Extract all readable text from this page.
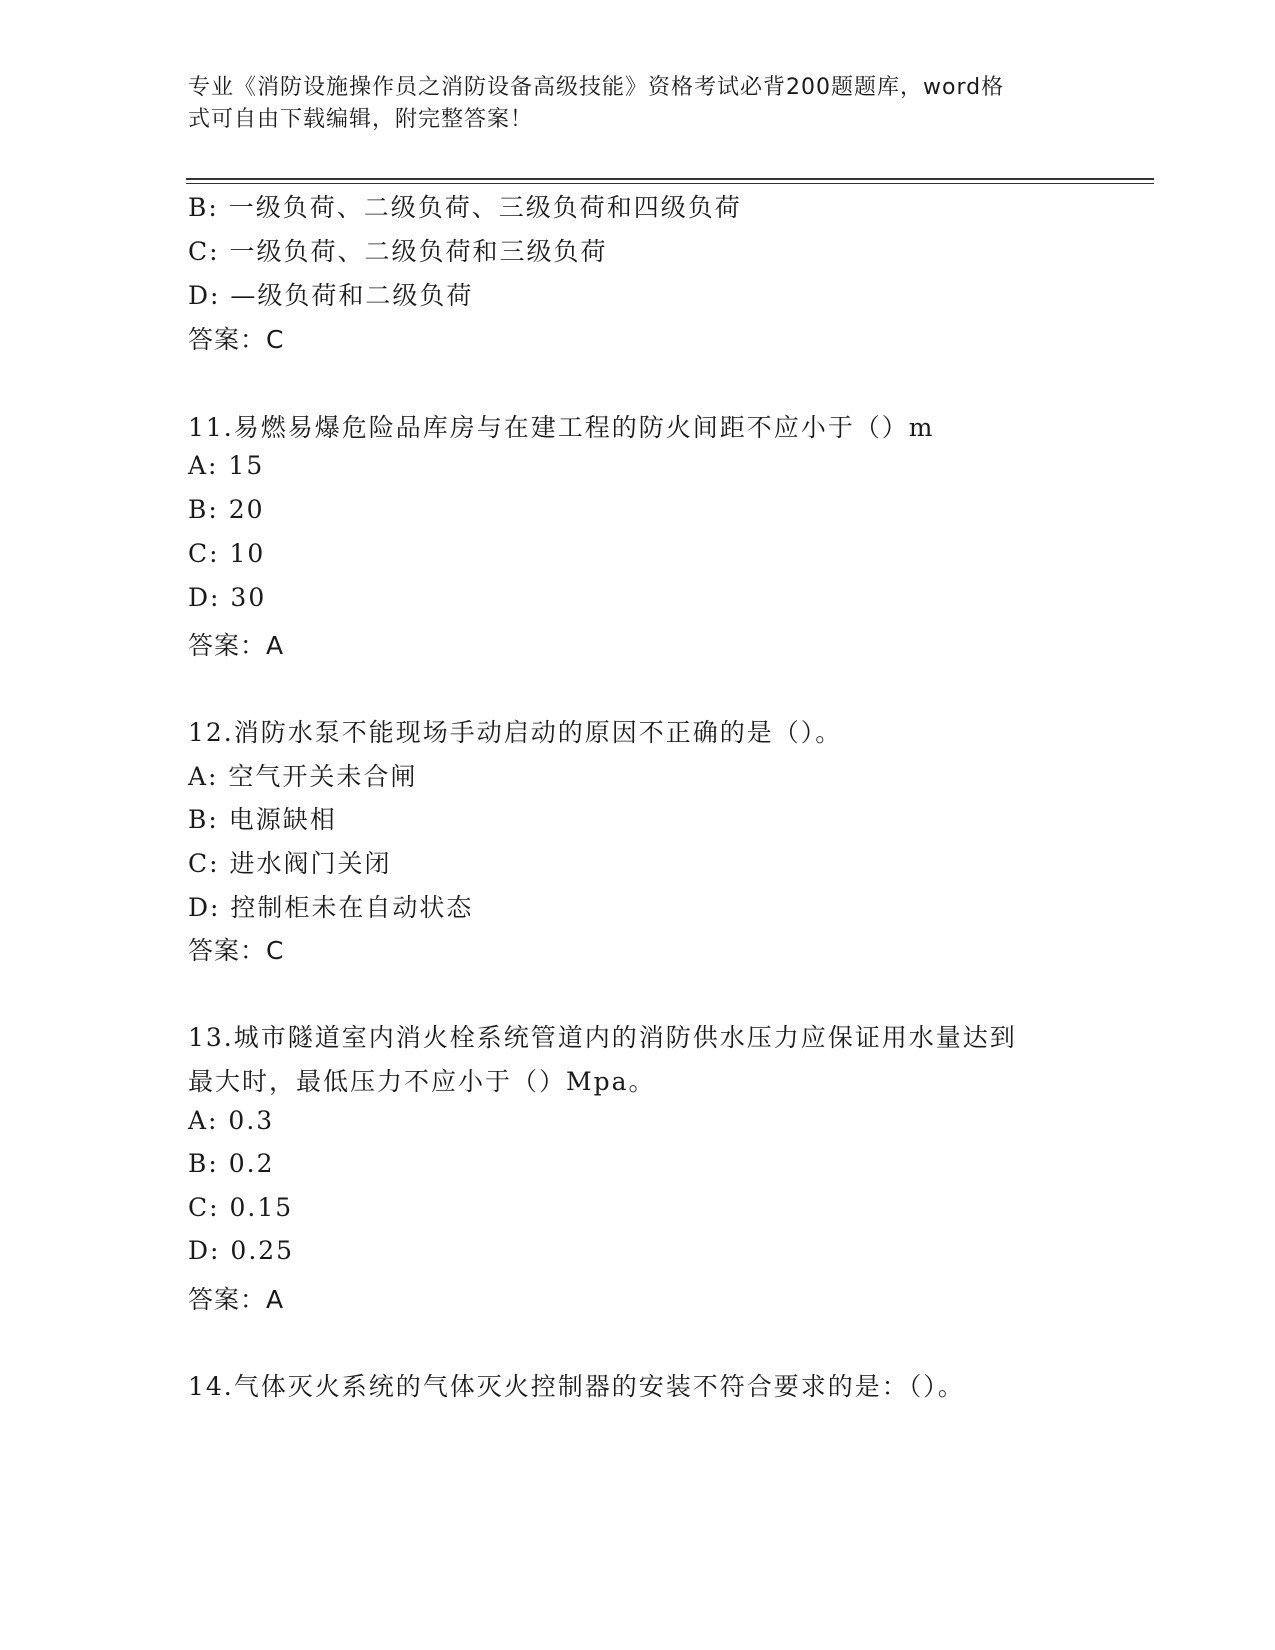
专业《消防设施操作员之消防设备高级技能》资格考试必背200题题库，word格
式可自由下载编辑，附完整答案！
B: 一级负荷、二级负荷、三级负荷和四级负荷
C: 一级负荷、二级负荷和三级负荷
D: —级负荷和二级负荷
答案：C
11.易燃易爆危险品库房与在建工程的防火间距不应小于（）m
A: 15
B: 20
C: 10
D: 30
答案：A
12.消防水泵不能现场手动启动的原因不正确的是（）。
A: 空气开关未合闸
B: 电源缺相
C: 进水阀门关闭
D: 控制柜未在自动状态
答案：C
13.城市隧道室内消火栓系统管道内的消防供水压力应保证用水量达到
最大时，最低压力不应小于（）Mpa。
A: 0.3
B: 0.2
C: 0.15
D: 0.25
答案：A
14.气体灭火系统的气体灭火控制器的安装不符合要求的是：（）。
